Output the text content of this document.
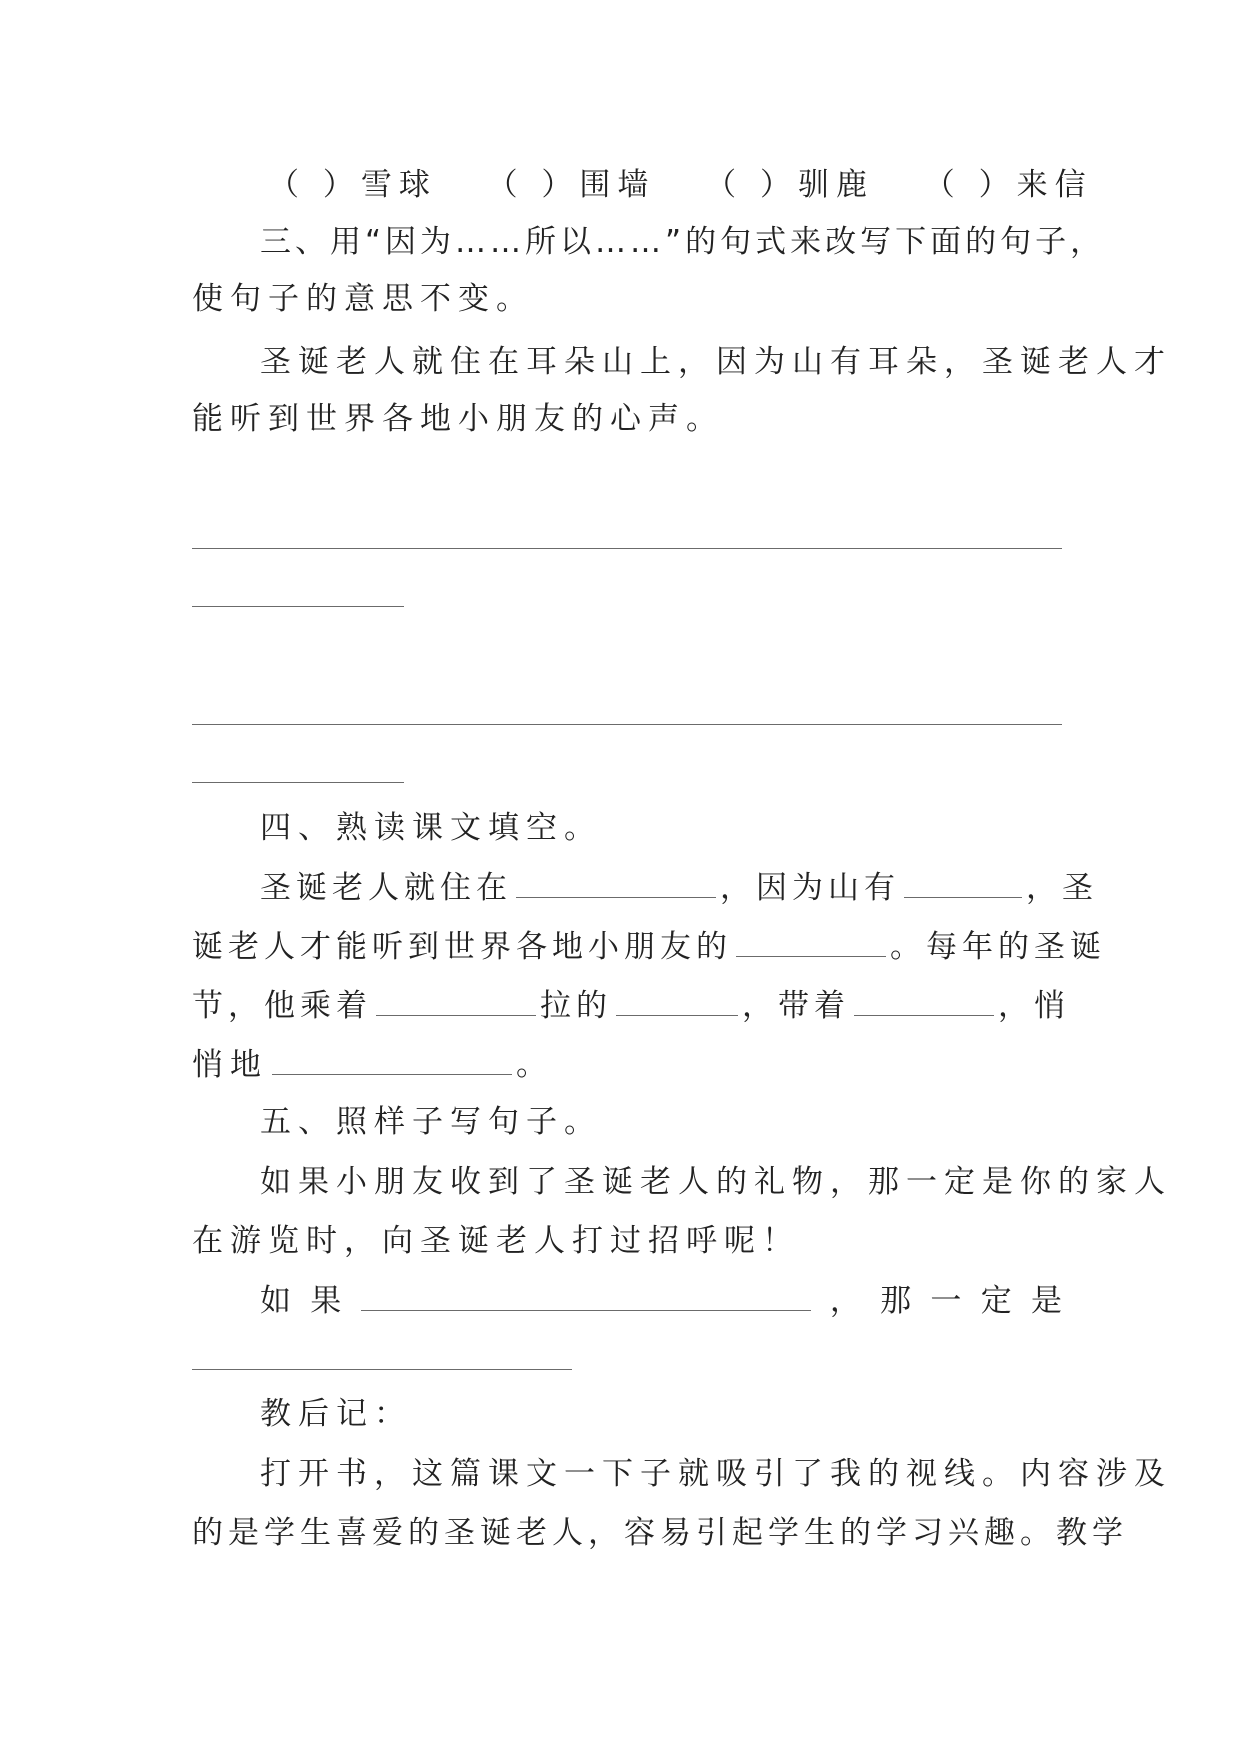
（ ）雪球 （ ）围墙 （ ）驯鹿 （ ）来信
三、用“因为……所以……”的句式来改写下面的句子，
使句子的意思不变。
圣诞老人就住在耳朵山上，因为山有耳朵，圣诞老人才
能听到世界各地小朋友的心声。
四、熟读课文填空。
圣诞老人就住在	，因为山有	，圣
诞老人才能听到世界各地小朋友的	。每年的圣诞
节，他乘着	拉的	，带着	，悄
悄地	。
五、照样子写句子。
如果小朋友收到了圣诞老人的礼物，那一定是你的家人
在游览时，向圣诞老人打过招呼呢！
如 果	， 那 一 定 是
教后记：
打开书，这篇课文一下子就吸引了我的视线。内容涉及
的是学生喜爱的圣诞老人，容易引起学生的学习兴趣。教学
